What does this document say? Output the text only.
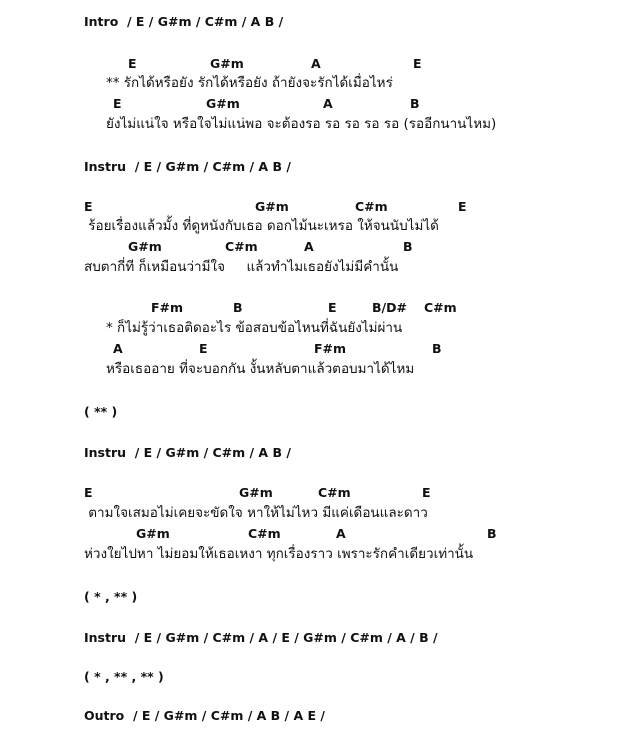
Intro  / E / G#m / C#m / A B /
** รักได้หรือยัง รักได้หรือยัง ถ้ายังจะรักได้เมื่อไหร่
ยังไม่แน่ใจ หรือใจไม่แน่พอ จะต้องรอ รอ รอ รอ รอ (รออีกนานไหม)
Instru  / E / G#m / C#m / A B /
ร้อยเรื่องแล้วมั้ง ที่ดูหนังกับเธอ ดอกไม้นะเหรอ ให้จนนับไม่ได้
สบตากี่ที ก็เหมือนว่ามีใจ     แล้วทำไมเธอยังไม่มีคำนั้น
* ก็ไม่รู้ว่าเธอติดอะไร ข้อสอบข้อไหนที่ฉันยังไม่ผ่าน
หรือเธออาย ที่จะบอกกัน งั้นหลับตาแล้วตอบมาได้ไหม
( ** )
Instru  / E / G#m / C#m / A B /
ตามใจเสมอไม่เคยจะขัดใจ หาให้ไม่ไหว มีแค่เดือนและดาว
ห่วงใยไปหา ไม่ยอมให้เธอเหงา ทุกเรื่องราว เพราะรักคำเดียวเท่านั้น
( * , ** )
Instru  / E / G#m / C#m / A / E / G#m / C#m / A / B /
( * , ** , ** )
Outro  / E / G#m / C#m / A B / A E /
E	G#m	A	E
E	G#m	A	B
E	G#m	C#m	E
G#m	C#m	A	B
F#m	B	E	B/D# C#m
A	E	F#m	B
E	G#m	C#m	E
G#m	C#m	A	B
